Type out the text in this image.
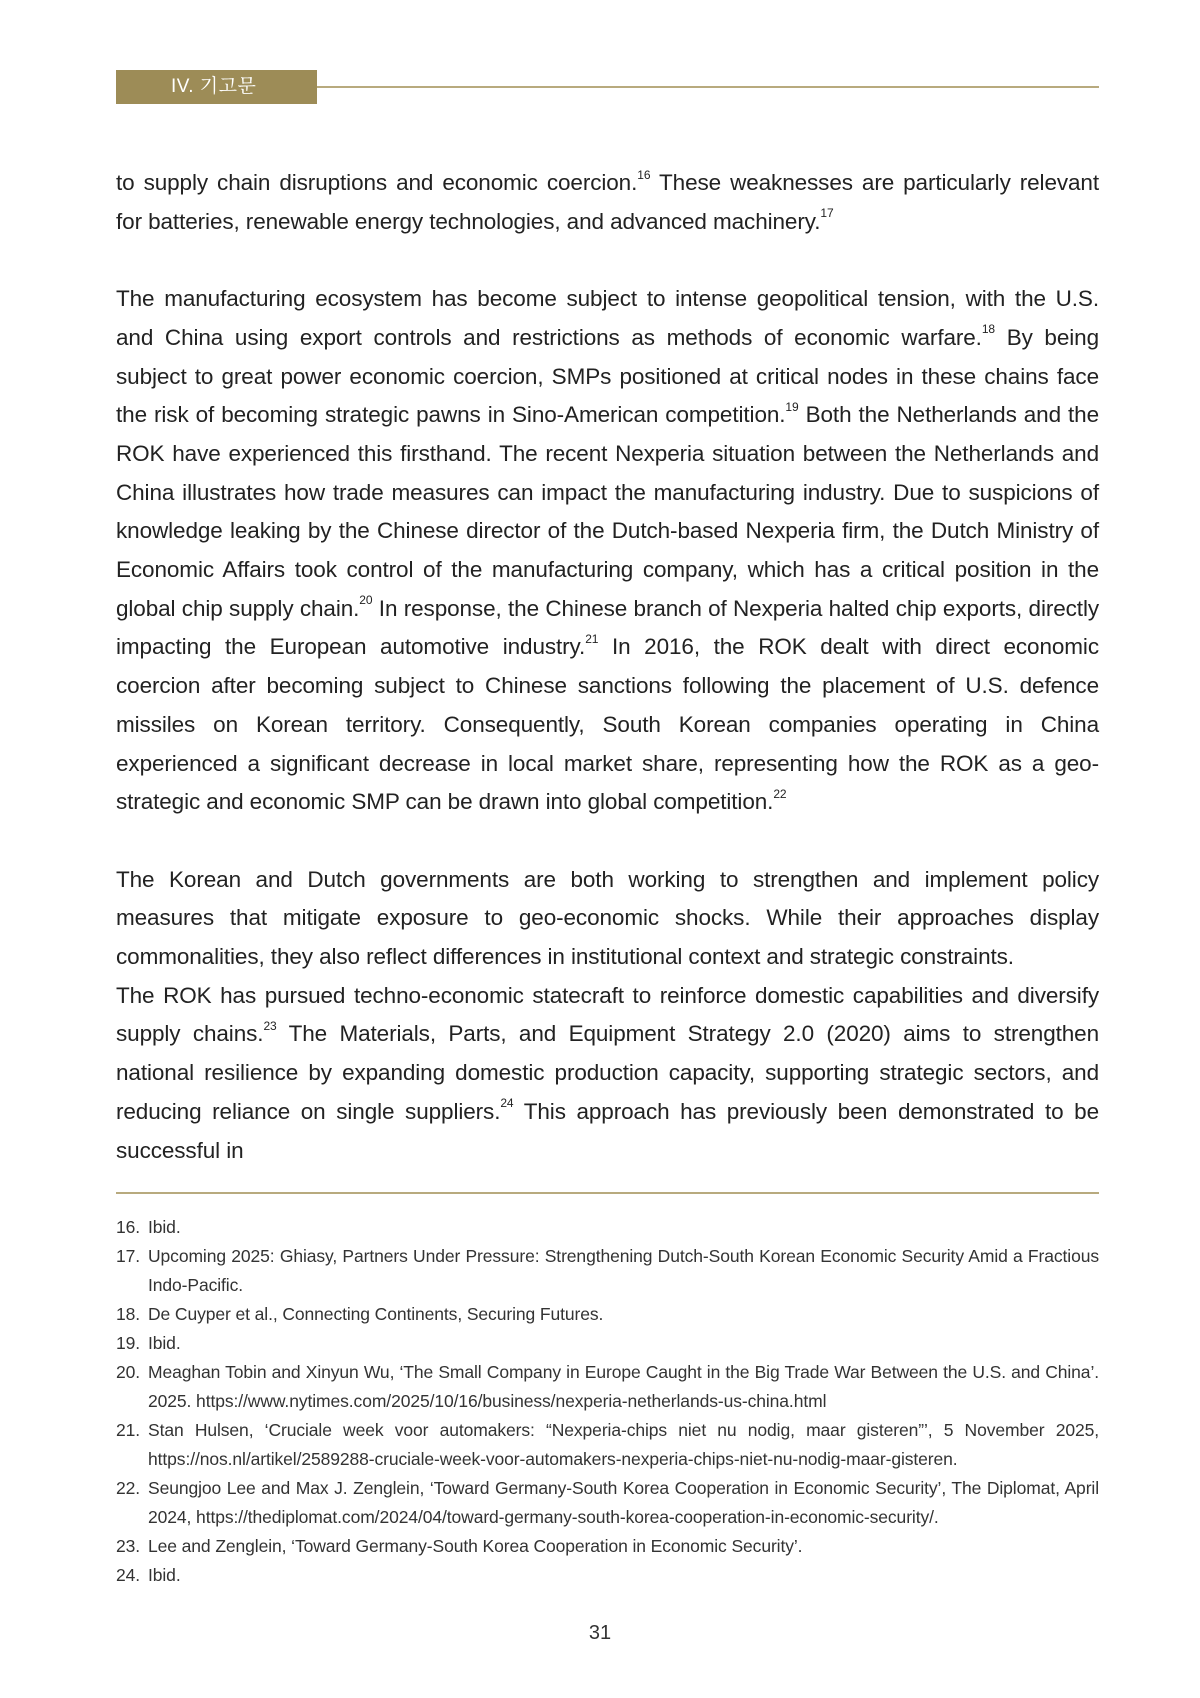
IV. 기고문

to supply chain disruptions and economic coercion.$^{16}$ These weaknesses are particularly relevant for batteries, renewable energy technologies, and advanced machinery.$^{17}$

The manufacturing ecosystem has become subject to intense geopolitical tension, with the U.S. and China using export controls and restrictions as methods of economic warfare.$^{18}$ By being subject to great power economic coercion, SMPs positioned at critical nodes in these chains face the risk of becoming strategic pawns in Sino-American competition.$^{19}$ Both the Netherlands and the ROK have experienced this firsthand. The recent Nexperia situation between the Netherlands and China illustrates how trade measures can impact the manufacturing industry. Due to suspicions of knowledge leaking by the Chinese director of the Dutch-based Nexperia firm, the Dutch Ministry of Economic Affairs took control of the manufacturing company, which has a critical position in the global chip supply chain.$^{20}$ In response, the Chinese branch of Nexperia halted chip exports, directly impacting the European automotive industry.$^{21}$ In 2016, the ROK dealt with direct economic coercion after becoming subject to Chinese sanctions following the placement of U.S. defence missiles on Korean territory. Consequently, South Korean companies operating in China experienced a significant decrease in local market share, representing how the ROK as a geo-strategic and economic SMP can be drawn into global competition.$^{22}$

The Korean and Dutch governments are both working to strengthen and implement policy measures that mitigate exposure to geo-economic shocks. While their approaches display commonalities, they also reflect differences in institutional context and strategic constraints.

The ROK has pursued techno-economic statecraft to reinforce domestic capabilities and diversify supply chains.$^{23}$ The Materials, Parts, and Equipment Strategy 2.0 (2020) aims to strengthen national resilience by expanding domestic production capacity, supporting strategic sectors, and reducing reliance on single suppliers.$^{24}$ This approach has previously been demonstrated to be successful in

16. Ibid.
17. Upcoming 2025: Ghiasy, Partners Under Pressure: Strengthening Dutch-South Korean Economic Security Amid a Fractious Indo-Pacific.
18. De Cuyper et al., Connecting Continents, Securing Futures.
19. Ibid.
20. Meaghan Tobin and Xinyun Wu, ‘The Small Company in Europe Caught in the Big Trade War Between the U.S. and China’. 2025. https://www.nytimes.com/2025/10/16/business/nexperia-netherlands-us-china.html
21. Stan Hulsen, ‘Cruciale week voor automakers: “Nexperia-chips niet nu nodig, maar gisteren”’, 5 November 2025, https://nos.nl/artikel/2589288-cruciale-week-voor-automakers-nexperia-chips-niet-nu-nodig-maar-gisteren.
22. Seungjoo Lee and Max J. Zenglein, ‘Toward Germany-South Korea Cooperation in Economic Security’, The Diplomat, April 2024, https://thediplomat.com/2024/04/toward-germany-south-korea-cooperation-in-economic-security/.
23. Lee and Zenglein, ‘Toward Germany-South Korea Cooperation in Economic Security’.
24. Ibid.
31
